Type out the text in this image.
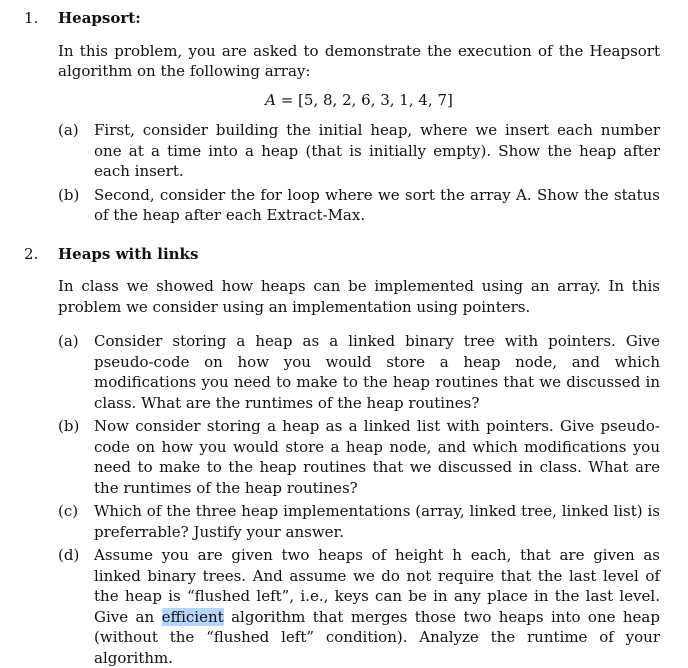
1.	Heapsort:

In this problem, you are asked to demonstrate the execution of the Heapsort algorithm on the following array:

A = [5, 8, 2, 6, 3, 1, 4, 7]
(a)	First, consider building the initial heap, where we insert each number one at a time into a heap (that is initially empty). Show the heap after each insert.
(b) Second, consider the for loop where we sort the array A. Show the status of the heap after each Extract-Max.
2.	Heaps with links

In class we showed how heaps can be implemented using an array. In this problem we consider using an implementation using pointers.

(a)	Consider storing a heap as a linked binary tree with pointers. Give pseudo-code on how you would store a heap node, and which modifications you need to make to the heap routines that we discussed in class. What are the runtimes of the heap routines?
(b) Now consider storing a heap as a linked list with pointers. Give pseudo-code on how you would store a heap node, and which modifications you need to make to the heap routines that we discussed in class. What are the runtimes of the heap routines?
(c)	Which of the three heap implementations (array, linked tree, linked list) is preferrable? Justify your answer.
(d) Assume you are given two heaps of height h each, that are given as linked binary trees. And assume we do not require that the last level of the heap is “flushed left”, i.e., keys can be in any place in the last level. Give an efficient algorithm that merges those two heaps into one heap (without the “flushed left” condition). Analyze the runtime of your algorithm.
